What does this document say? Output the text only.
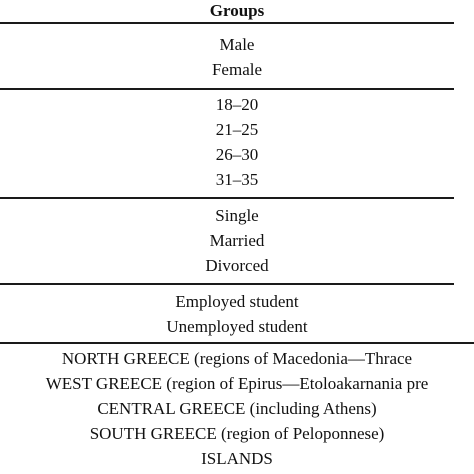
Groups
Male
Female
18–20
21–25
26–30
31–35
Single
Married
Divorced
Employed student
Unemployed student
NORTH GREECE (regions of Macedonia—Thrace
WEST GREECE (region of Epirus—Etoloakarnania pre
CENTRAL GREECE (including Athens)
SOUTH GREECE (region of Peloponnese)
ISLANDS
